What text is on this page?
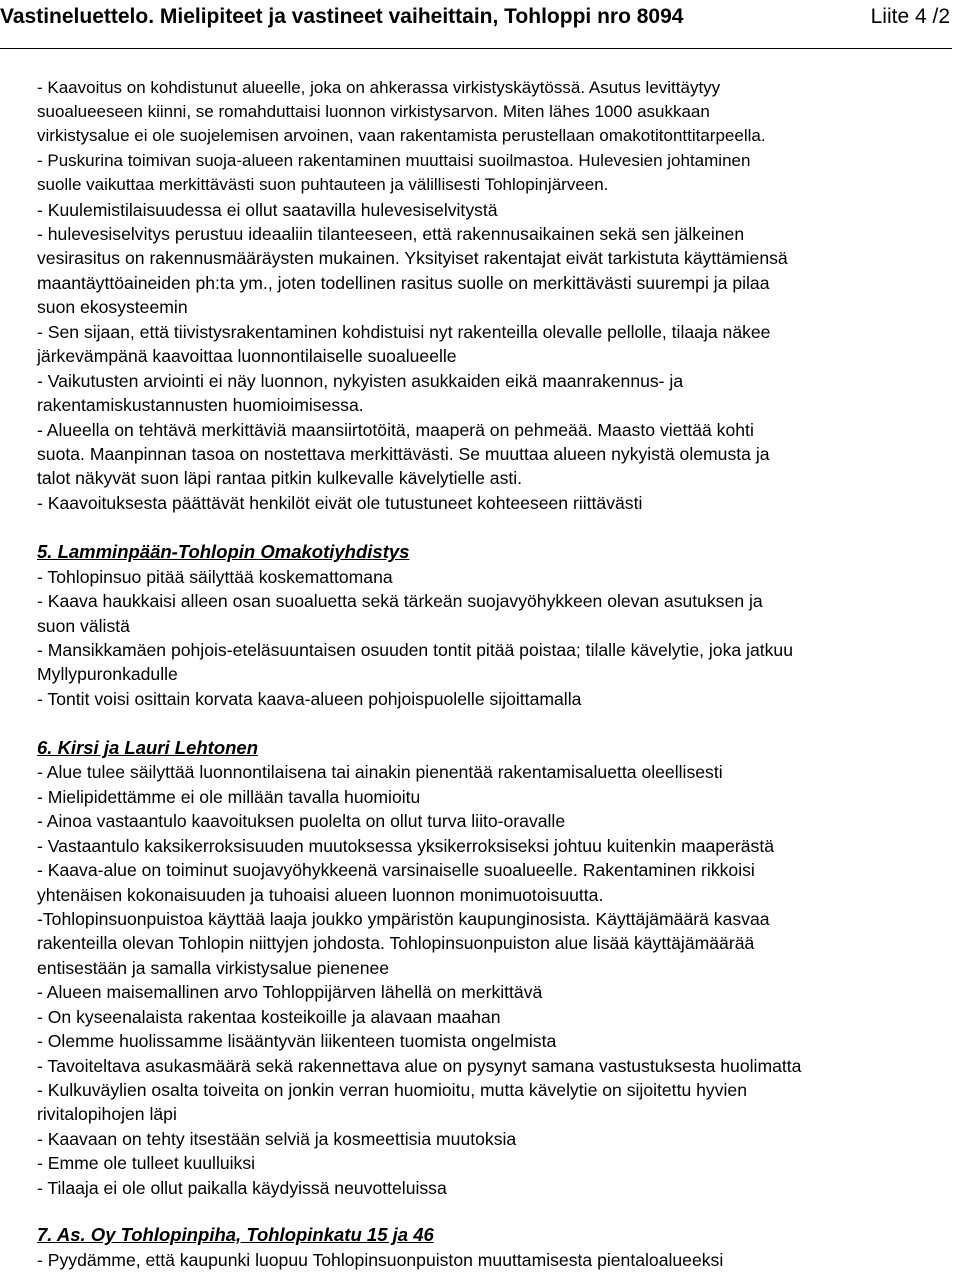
Vastineluettelo. Mielipiteet ja vastineet vaiheittain, Tohloppi nro 8094	Liite 4 /2
- Kaavoitus on kohdistunut alueelle, joka on ahkerassa virkistyskäytössä. Asutus levittäytyy
suoalueeseen kiinni, se romahduttaisi luonnon virkistysarvon. Miten lähes 1000 asukkaan
virkistysalue ei ole suojelemisen arvoinen, vaan rakentamista perustellaan omakotitonttitarpeella.
- Puskurina toimivan suoja-alueen rakentaminen muuttaisi suoilmastoa. Hulevesien johtaminen
suolle vaikuttaa merkittävästi suon puhtauteen ja välillisesti Tohlopinjärveen.
- Kuulemistilaisuudessa ei ollut saatavilla hulevesiselvitystä
- hulevesiselvitys perustuu ideaaliin tilanteeseen, että rakennusaikainen sekä sen jälkeinen
vesirasitus on rakennusmääräysten mukainen. Yksityiset rakentajat eivät tarkistuta käyttämiensä
maantäyttöaineiden ph:ta ym., joten todellinen rasitus suolle on merkittävästi suurempi ja pilaa
suon ekosysteemin
- Sen sijaan, että tiivistysrakentaminen kohdistuisi nyt rakenteilla olevalle pellolle, tilaaja näkee
järkevämpänä kaavoittaa luonnontilaiselle suoalueelle
- Vaikutusten arviointi ei näy luonnon, nykyisten asukkaiden eikä maanrakennus- ja
rakentamiskustannusten huomioimisessa.
- Alueella on tehtävä merkittäviä maansiirtotöitä, maaperä on pehmeää. Maasto viettää kohti
suota. Maanpinnan tasoa on nostettava merkittävästi. Se muuttaa alueen nykyistä olemusta ja
talot näkyvät suon läpi rantaa pitkin kulkevalle kävelytielle asti.
- Kaavoituksesta päättävät henkilöt eivät ole tutustuneet kohteeseen riittävästi
5. Lamminpään-Tohlopin Omakotiyhdistys
- Tohlopinsuo pitää säilyttää koskemattomana
- Kaava haukkaisi alleen osan suoaluetta sekä tärkeän suojavyöhykkeen olevan asutuksen ja
suon välistä
- Mansikkamäen pohjois-eteläsuuntaisen osuuden tontit pitää poistaa; tilalle kävelytie, joka jatkuu
Myllypuronkadulle
- Tontit voisi osittain korvata kaava-alueen pohjoispuolelle sijoittamalla
6. Kirsi ja Lauri Lehtonen
- Alue tulee säilyttää luonnontilaisena tai ainakin pienentää rakentamisaluetta oleellisesti
- Mielipidettämme ei ole millään tavalla huomioitu
- Ainoa vastaantulo kaavoituksen puolelta on ollut turva liito-oravalle
- Vastaantulo kaksikerroksisuuden muutoksessa yksikerroksiseksi johtuu kuitenkin maaperästä
- Kaava-alue on toiminut suojavyöhykkeenä varsinaiselle suoalueelle. Rakentaminen rikkoisi
yhtenäisen kokonaisuuden ja tuhoaisi alueen luonnon monimuotoisuutta.
-Tohlopinsuonpuistoa käyttää laaja joukko ympäristön kaupunginosista. Käyttäjämäärä kasvaa
rakenteilla olevan Tohlopin niittyjen johdosta. Tohlopinsuonpuiston alue lisää käyttäjämäärää
entisestään ja samalla virkistysalue pienenee
- Alueen maisemallinen arvo Tohloppijärven lähellä on merkittävä
- On kyseenalaista rakentaa kosteikoille ja alavaan maahan
- Olemme huolissamme lisääntyvän liikenteen tuomista ongelmista
- Tavoiteltava asukasmäärä sekä rakennettava alue on pysynyt samana vastustuksesta huolimatta
- Kulkuväylien osalta toiveita on jonkin verran huomioitu, mutta kävelytie on sijoitettu hyvien
rivitalopihojen läpi
- Kaavaan on tehty itsestään selviä ja kosmeettisia muutoksia
- Emme ole tulleet kuulluiksi
- Tilaaja ei ole ollut paikalla käydyissä neuvotteluissa
7. As. Oy Tohlopinpiha, Tohlopinkatu 15 ja 46
- Pyydämme, että kaupunki luopuu Tohlopinsuonpuiston muuttamisesta pientaloalueeksi
